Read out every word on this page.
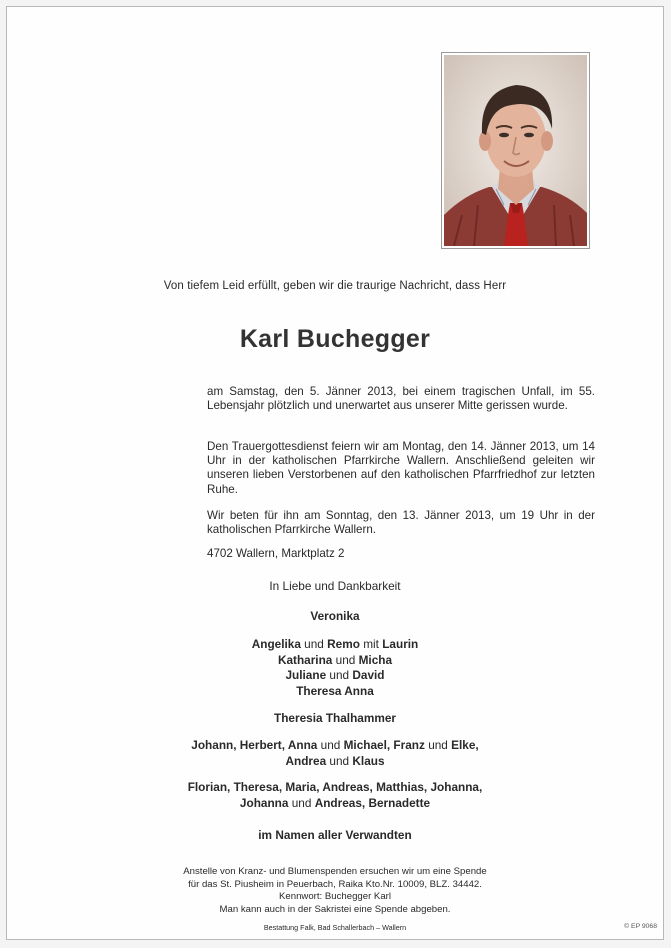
Von tiefem Leid erfüllt, geben wir die traurige Nachricht, dass Herr
Karl Buchegger
am Samstag, den 5. Jänner 2013, bei einem tragischen Unfall, im 55. Lebensjahr plötzlich und unerwartet aus unserer Mitte gerissen wurde.
Den Trauergottesdienst feiern wir am Montag, den 14. Jänner 2013, um 14 Uhr in der katholischen Pfarrkirche Wallern. Anschließend geleiten wir unseren lieben Verstorbenen auf den katholischen Pfarrfriedhof zur letzten Ruhe.
Wir beten für ihn am Sonntag, den 13. Jänner 2013, um 19 Uhr in der katholischen Pfarrkirche Wallern.
4702 Wallern, Marktplatz 2
In Liebe und Dankbarkeit
Veronika
Angelika und Remo mit Laurin
Katharina und Micha
Juliane und David
Theresa Anna
Theresia Thalhammer
Johann, Herbert, Anna und Michael, Franz und Elke,
Andrea und Klaus
Florian, Theresa, Maria, Andreas, Matthias, Johanna,
Johanna und Andreas, Bernadette
im Namen aller Verwandten
Anstelle von Kranz- und Blumenspenden ersuchen wir um eine Spende
für das St. Piusheim in Peuerbach, Raika Kto.Nr. 10009, BLZ. 34442.
Kennwort: Buchegger Karl
Man kann auch in der Sakristei eine Spende abgeben.
Bestattung Falk, Bad Schallerbach – Wallern	© EP 9068
